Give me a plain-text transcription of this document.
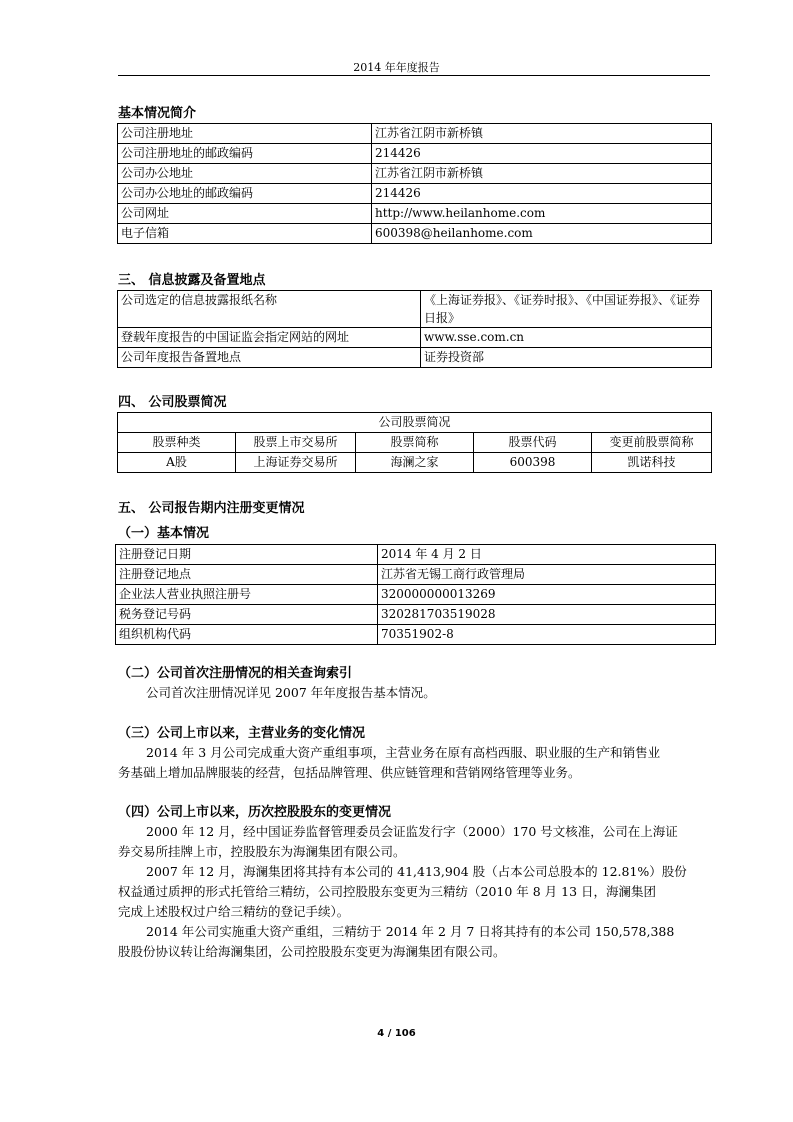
2014 年年度报告
基本情况简介
公司注册地址	江苏省江阴市新桥镇
公司注册地址的邮政编码	214426
公司办公地址	江苏省江阴市新桥镇
公司办公地址的邮政编码	214426
公司网址	http://www.heilanhome.com
电子信箱	600398@heilanhome.com
三、 信息披露及备置地点
公司选定的信息披露报纸名称	《上海证券报》、《证券时报》、《中国证券报》、《证券日报》
登载年度报告的中国证监会指定网站的网址	www.sse.com.cn
公司年度报告备置地点	证券投资部
四、 公司股票简况
公司股票简况				
股票种类	股票上市交易所	股票简称	股票代码	变更前股票简称
A股	上海证券交易所	海澜之家	600398	凯诺科技
五、 公司报告期内注册变更情况
（一）基本情况
注册登记日期	2014 年 4 月 2 日
注册登记地点	江苏省无锡工商行政管理局
企业法人营业执照注册号	320000000013269
税务登记号码	320281703519028
组织机构代码	70351902-8
（二）公司首次注册情况的相关查询索引
公司首次注册情况详见 2007 年年度报告基本情况。
（三）公司上市以来，主营业务的变化情况
2014 年 3 月公司完成重大资产重组事项，主营业务在原有高档西服、职业服的生产和销售业
务基础上增加品牌服装的经营，包括品牌管理、供应链管理和营销网络管理等业务。
（四）公司上市以来，历次控股股东的变更情况
2000 年 12 月，经中国证券监督管理委员会证监发行字（2000）170 号文核准，公司在上海证
券交易所挂牌上市，控股股东为海澜集团有限公司。
2007 年 12 月，海澜集团将其持有本公司的 41,413,904 股（占本公司总股本的 12.81%）股份
权益通过质押的形式托管给三精纺，公司控股股东变更为三精纺（2010 年 8 月 13 日，海澜集团
完成上述股权过户给三精纺的登记手续）。
2014 年公司实施重大资产重组，三精纺于 2014 年 2 月 7 日将其持有的本公司 150,578,388
股股份协议转让给海澜集团，公司控股股东变更为海澜集团有限公司。
4 / 106
